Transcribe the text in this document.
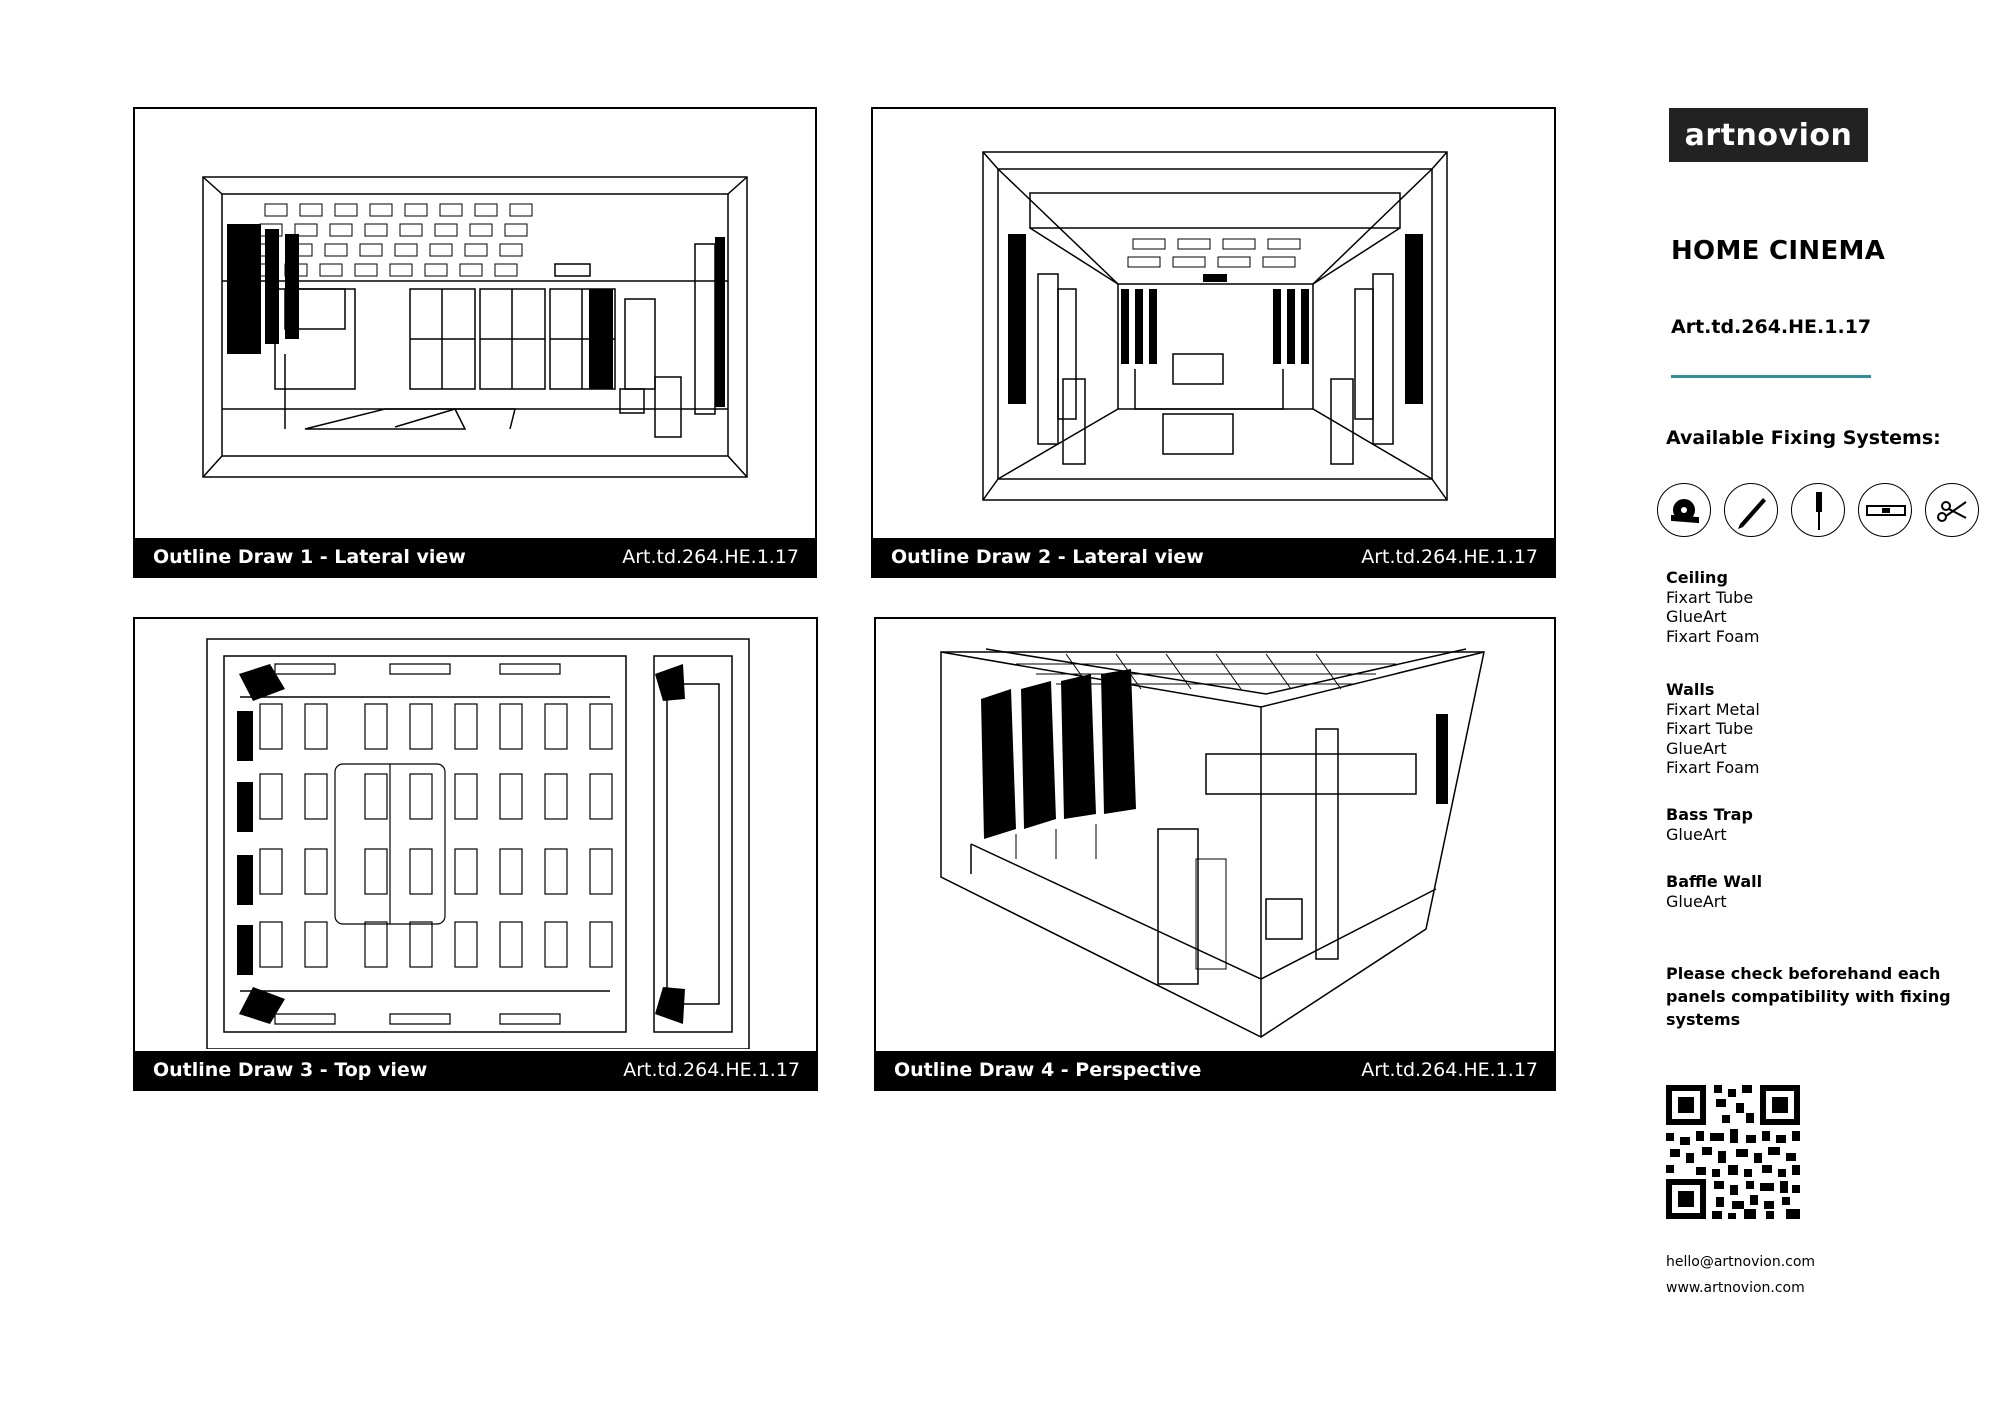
Outline Draw 1 - Lateral view	Art.td.264.HE.1.17	Outline Draw 2 - Lateral view	Art.td.264.HE.1.17
Outline Draw 3 - Top view	Art.td.264.HE.1.17	Outline Draw 4 - Perspective	Art.td.264.HE.1.17
artnovion
HOME CINEMA
Art.td.264.HE.1.17
Available Fixing Systems:
Ceiling
Fixart Tube
GlueArt
Fixart Foam
Walls
Fixart Metal
Fixart Tube
GlueArt
Fixart Foam
Bass Trap
GlueArt
Baffle Wall
GlueArt
Please check beforehand each panels compatibility with fixing systems
hello@artnovion.com
www.artnovion.com
